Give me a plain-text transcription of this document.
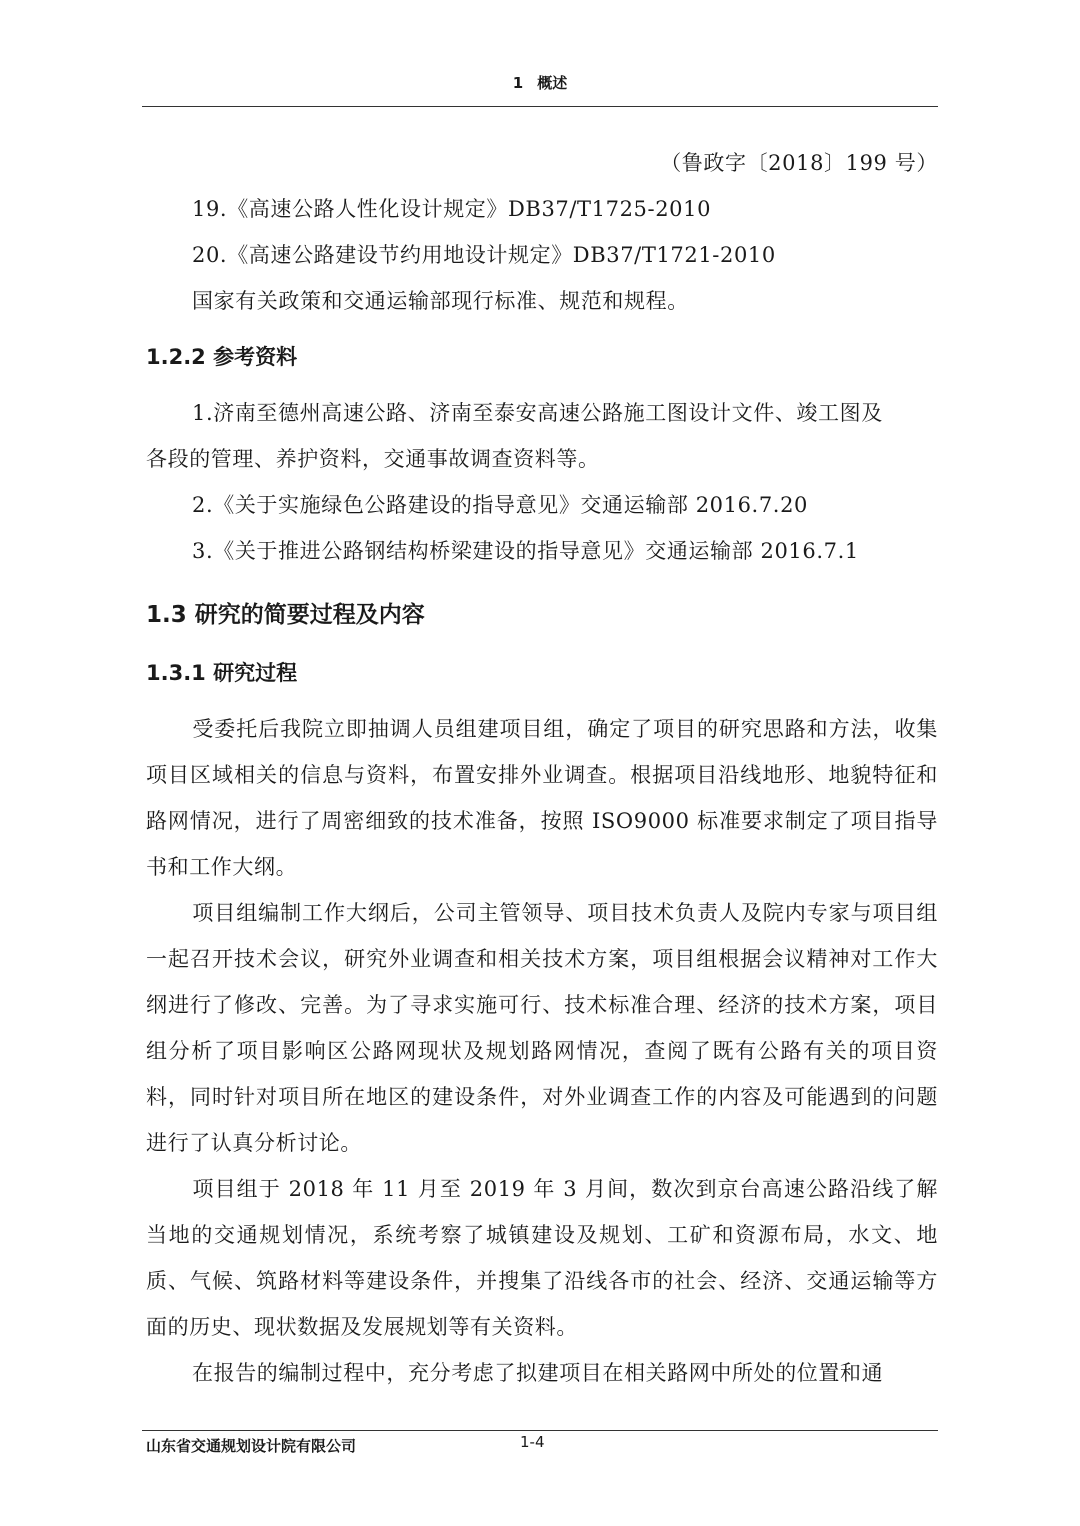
1 概述
（鲁政字〔2018〕199 号）
19.《高速公路人性化设计规定》DB37/T1725-2010
20.《高速公路建设节约用地设计规定》DB37/T1721-2010
国家有关政策和交通运输部现行标准、规范和规程。
1.2.2 参考资料
1.济南至德州高速公路、济南至泰安高速公路施工图设计文件、竣工图及
各段的管理、养护资料，交通事故调查资料等。
2.《关于实施绿色公路建设的指导意见》交通运输部 2016.7.20
3.《关于推进公路钢结构桥梁建设的指导意见》交通运输部 2016.7.1
1.3 研究的简要过程及内容
1.3.1 研究过程
受委托后我院立即抽调人员组建项目组，确定了项目的研究思路和方法，收集项目区域相关的信息与资料，布置安排外业调查。根据项目沿线地形、地貌特征和路网情况，进行了周密细致的技术准备，按照 ISO9000 标准要求制定了项目指导书和工作大纲。
项目组编制工作大纲后，公司主管领导、项目技术负责人及院内专家与项目组一起召开技术会议，研究外业调查和相关技术方案，项目组根据会议精神对工作大纲进行了修改、完善。为了寻求实施可行、技术标准合理、经济的技术方案，项目组分析了项目影响区公路网现状及规划路网情况，查阅了既有公路有关的项目资料，同时针对项目所在地区的建设条件，对外业调查工作的内容及可能遇到的问题进行了认真分析讨论。
项目组于 2018 年 11 月至 2019 年 3 月间，数次到京台高速公路沿线了解当地的交通规划情况，系统考察了城镇建设及规划、工矿和资源布局，水文、地质、气候、筑路材料等建设条件，并搜集了沿线各市的社会、经济、交通运输等方面的历史、现状数据及发展规划等有关资料。
在报告的编制过程中，充分考虑了拟建项目在相关路网中所处的位置和通
山东省交通规划设计院有限公司	1-4
